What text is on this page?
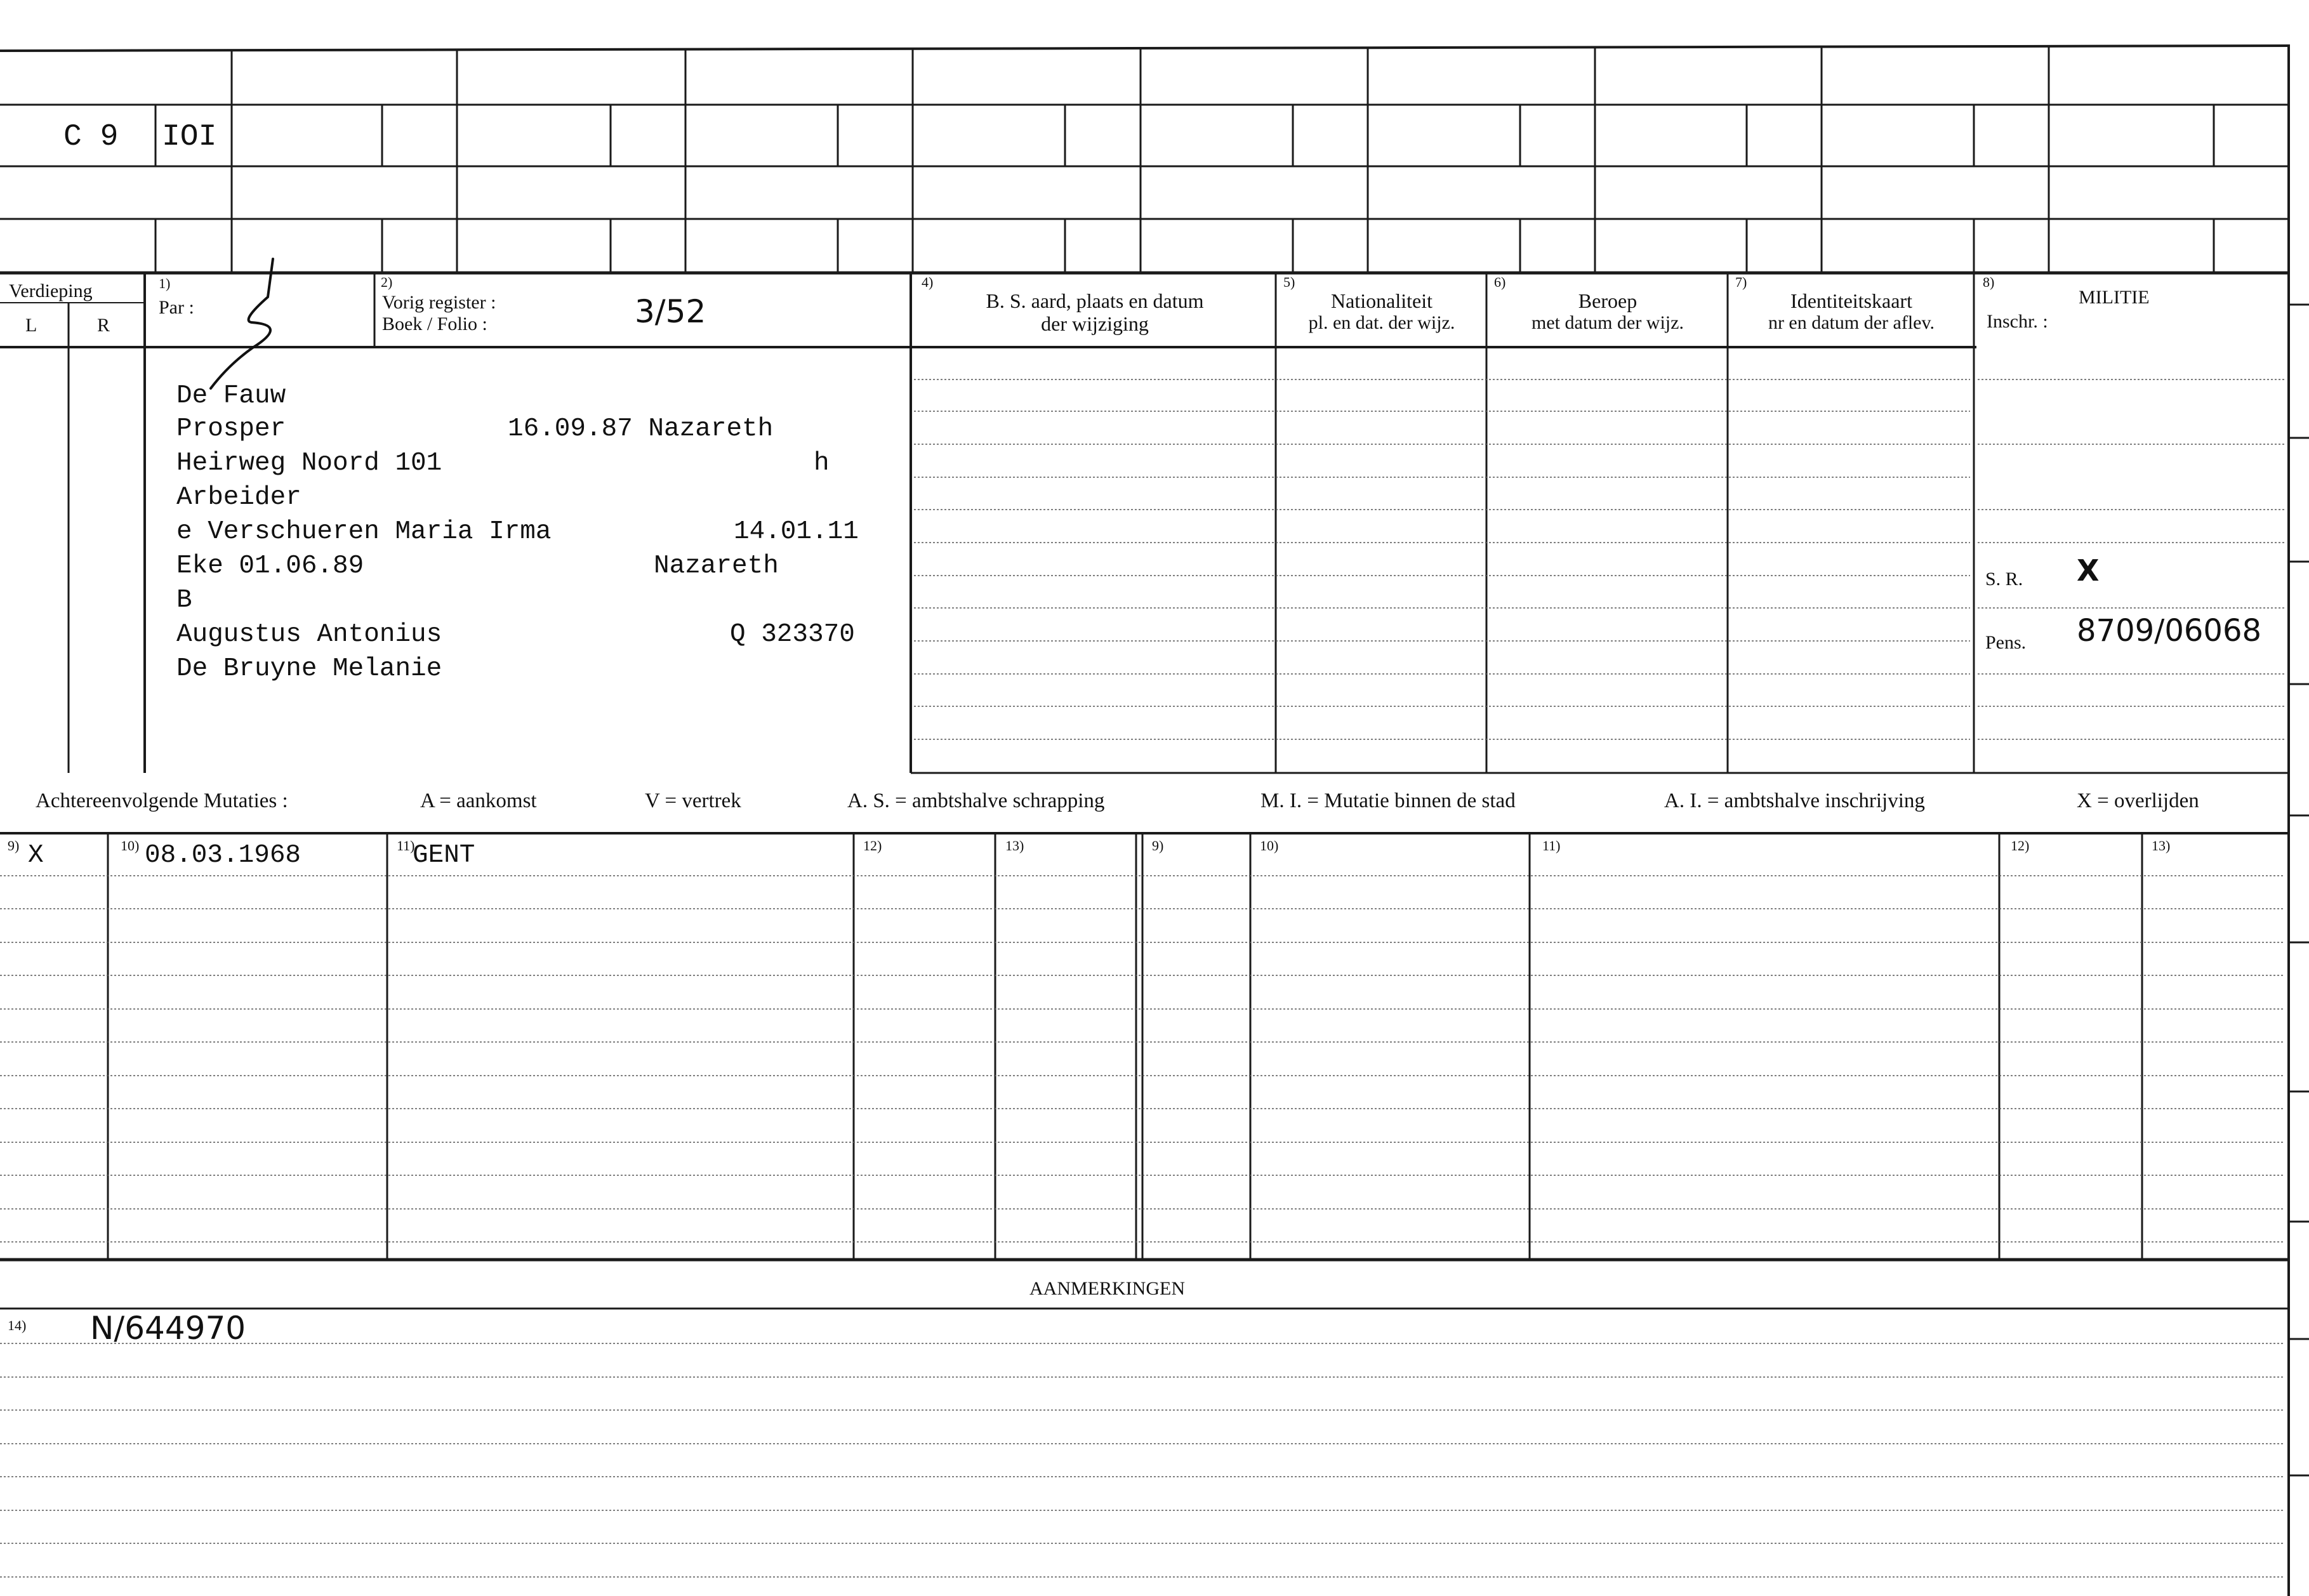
C 9 IOI
Verdieping
L	R
1)
Par :
2)
Vorig register :
Boek / Folio :	3/52
4)
B. S. aard, plaats en datum
der wijziging
5)
Nationaliteit
pl. en dat. der wijz.
6)
Beroep
met datum der wijz.
7)
Identiteitskaart
nr en datum der aflev.
8)
MILITIE
Inschr. :
S. R. X
Pens. 8709/06068
De Fauw
Prosper	16.09.87 Nazareth
Heirweg Noord 101	h
Arbeider
e Verschueren Maria Irma	14.01.11
Eke 01.06.89	Nazareth
B
Augustus Antonius	Q 323370
De Bruyne Melanie
Achtereenvolgende Mutaties :	A = aankomst	V = vertrek	A. S. = ambtshalve schrapping	M. I. = Mutatie binnen de stad	A. I. = ambtshalve inschrijving	X = overlijden
9)	10)	11)	12)	13)	9)	10)	11)	12)	13)
X	08.03.1968	GENT
AANMERKINGEN
14) N/644970
